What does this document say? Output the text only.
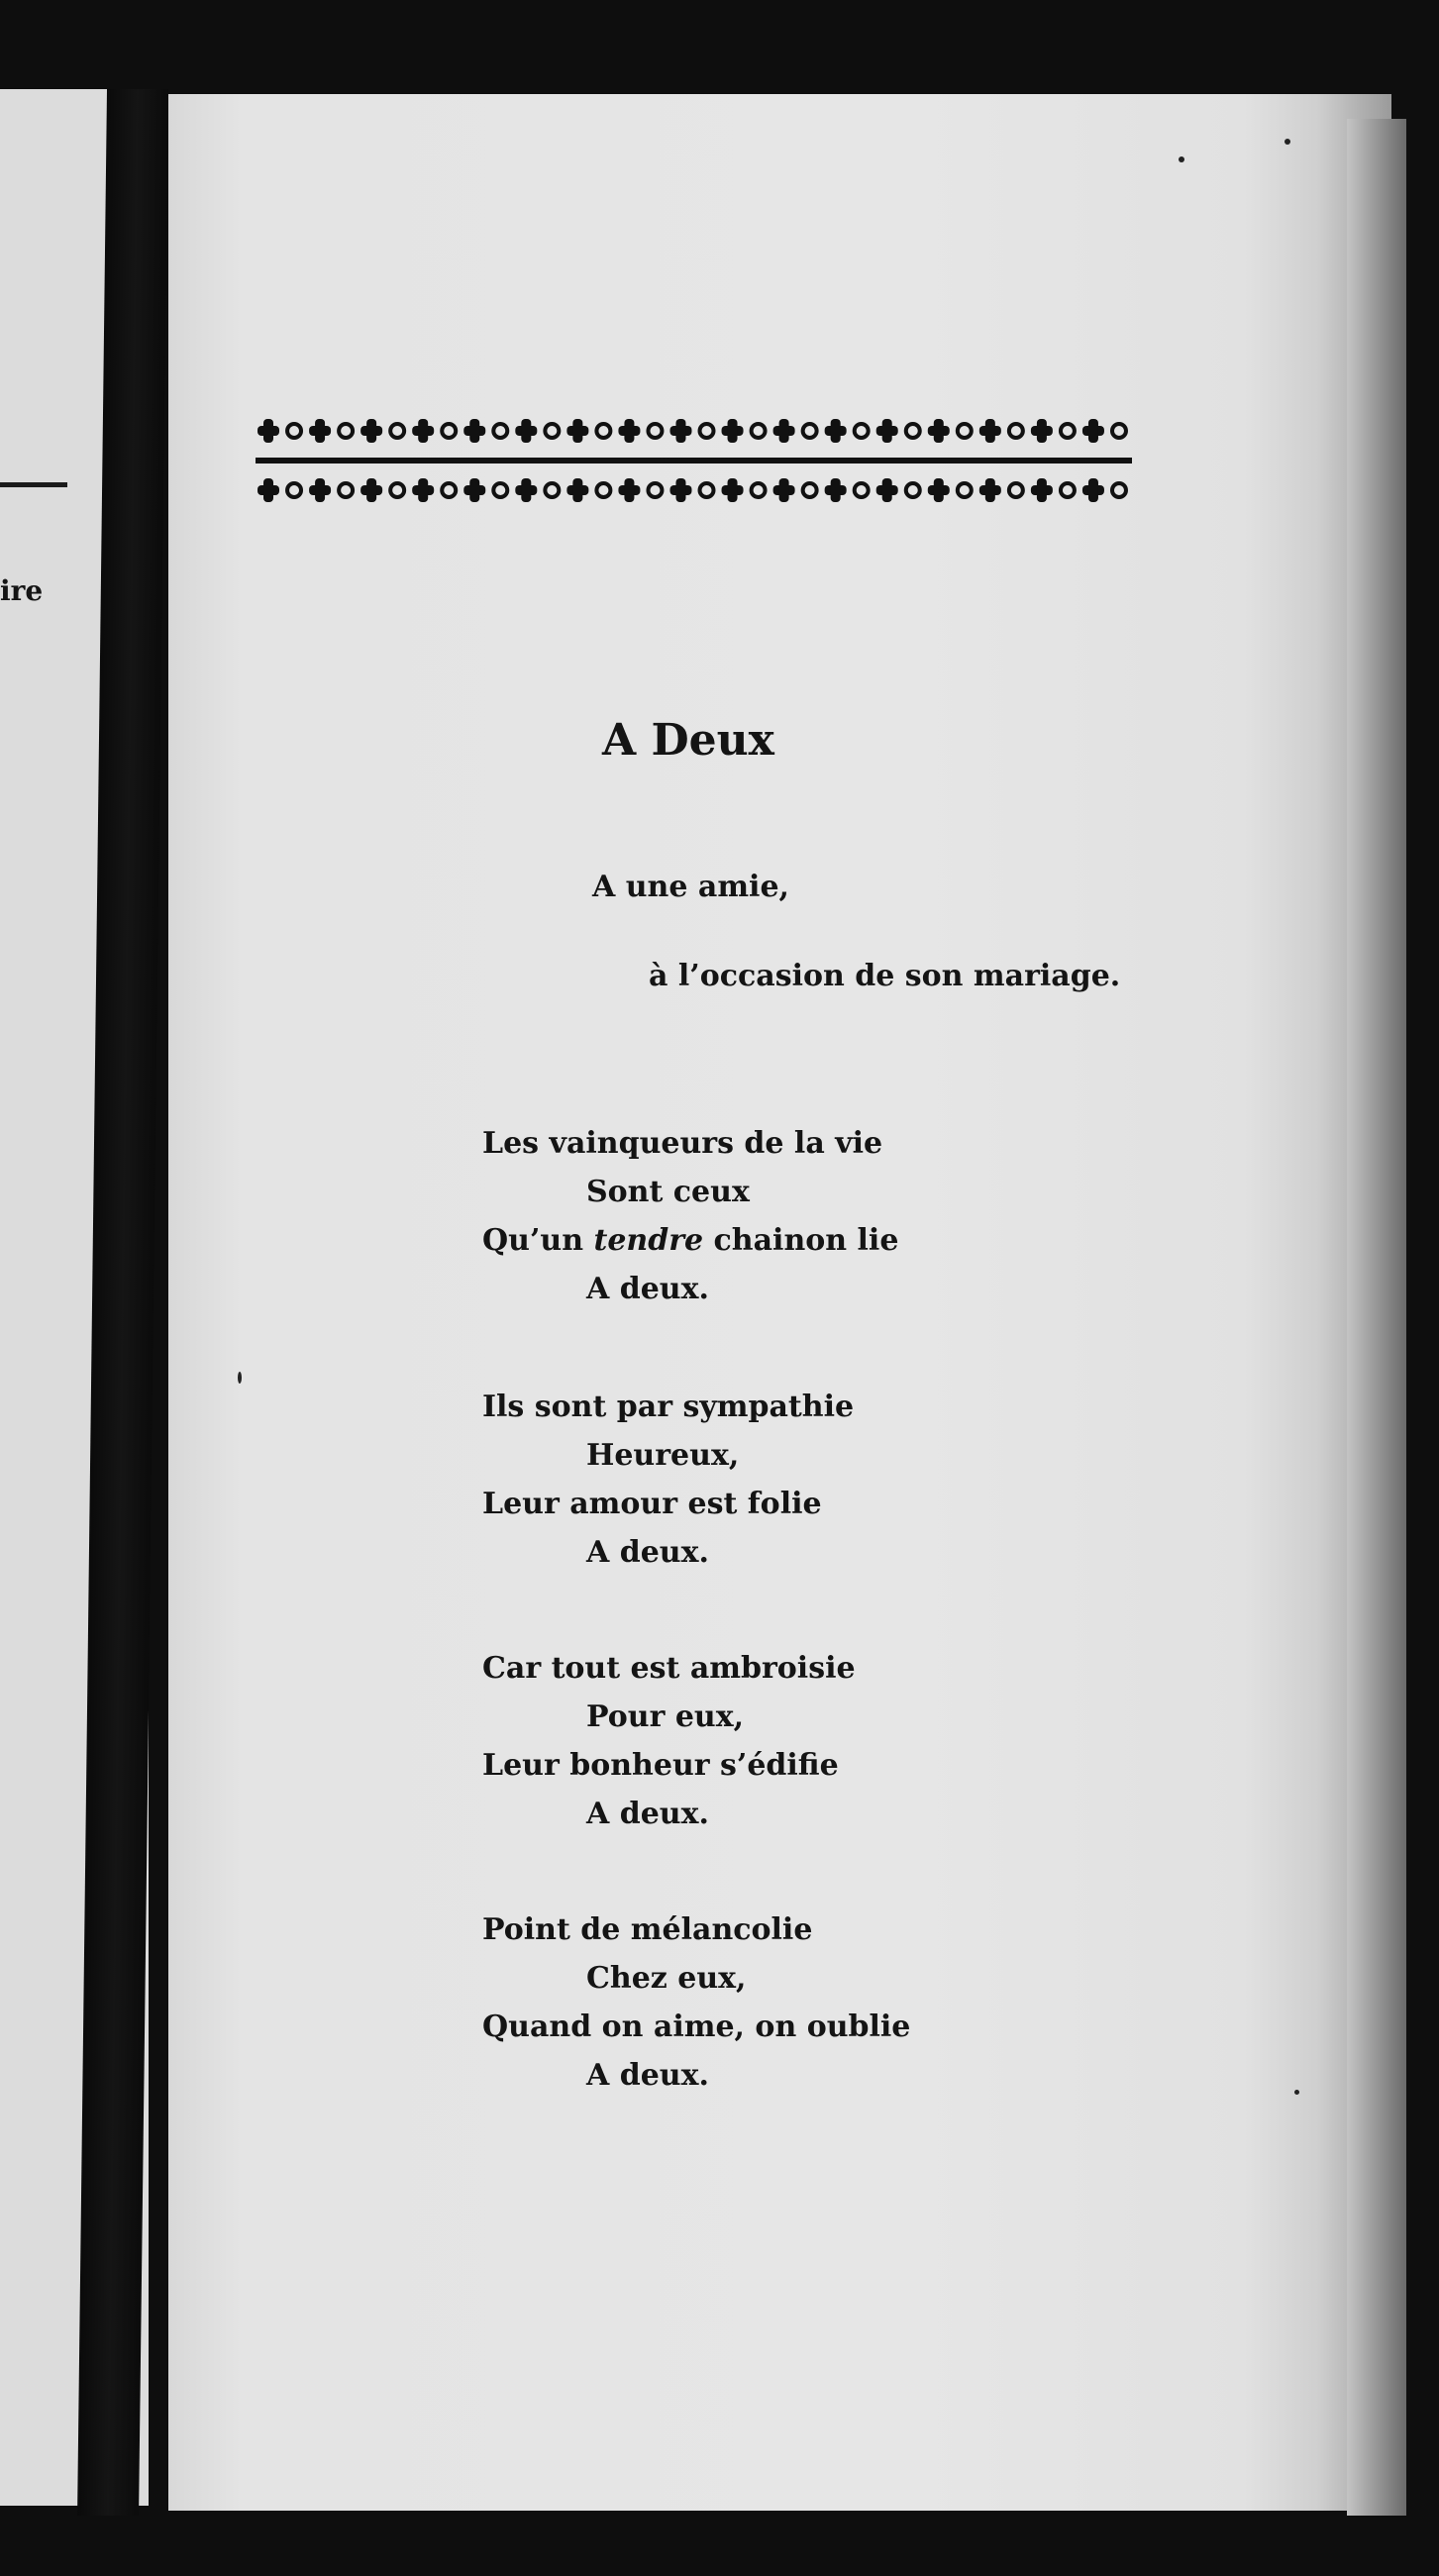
ire
A Deux
A une amie,
à l’occasion de son mariage.
Les vainqueurs de la vie
Sont ceux
Qu’un tendre chainon lie
A deux.
Ils sont par sympathie
Heureux,
Leur amour est folie
A deux.
Car tout est ambroisie
Pour eux,
Leur bonheur s’édifie
A deux.
Point de mélancolie
Chez eux,
Quand on aime, on oublie
A deux.
